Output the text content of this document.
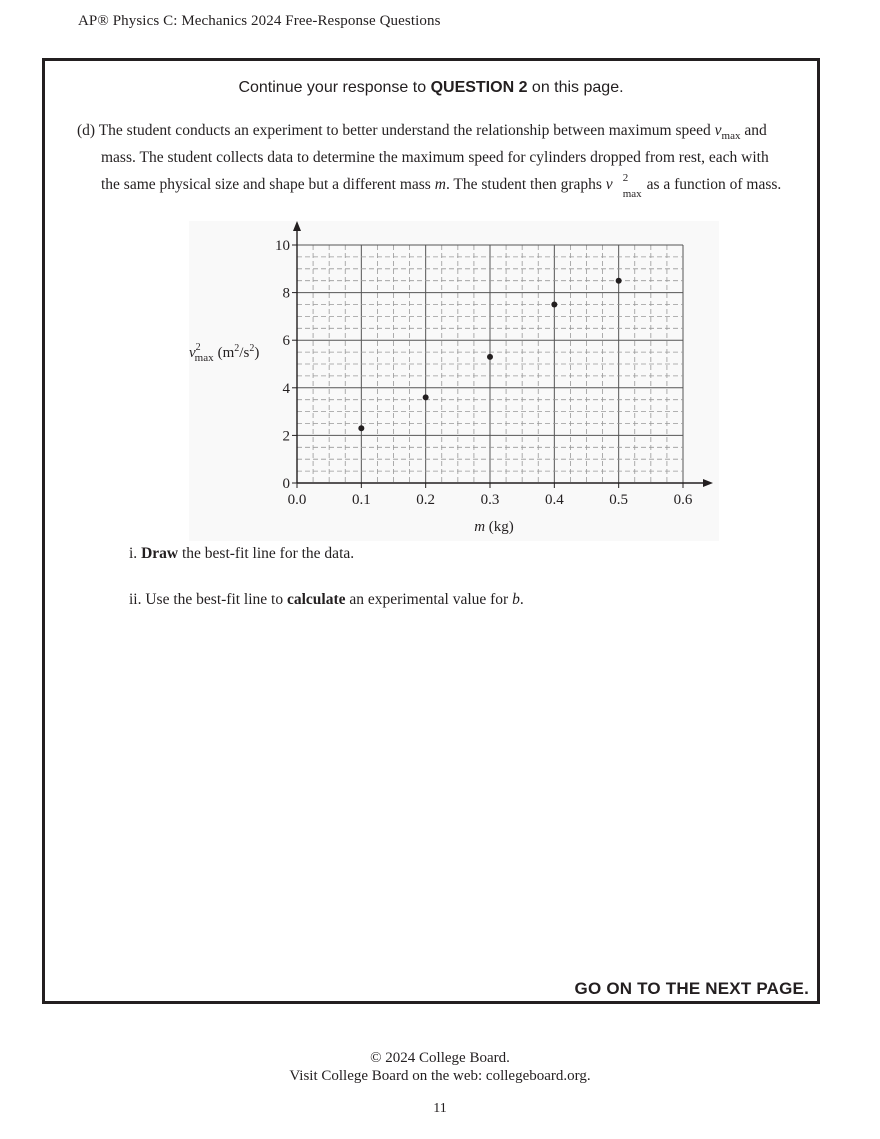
AP® Physics C: Mechanics 2024 Free-Response Questions
Continue your response to QUESTION 2 on this page.
(d) The student conducts an experiment to better understand the relationship between maximum speed $v_{max}$ and
mass. The student collects data to determine the maximum speed for cylinders dropped from rest, each with
the same physical size and shape but a different mass m. The student then graphs v 2
max
as a function of mass.
0.0	0.1	0.2	0.3	0.4	0.5	0.6
0
2
4
6
8
10
m (kg)
$v^2$ $\max (m^2/s^2)$
i. Draw the best-fit line for the data.
ii. Use the best-fit line to calculate an experimental value for b.
GO ON TO THE NEXT PAGE.
© 2024 College Board.
Visit College Board on the web: collegeboard.org.
11
